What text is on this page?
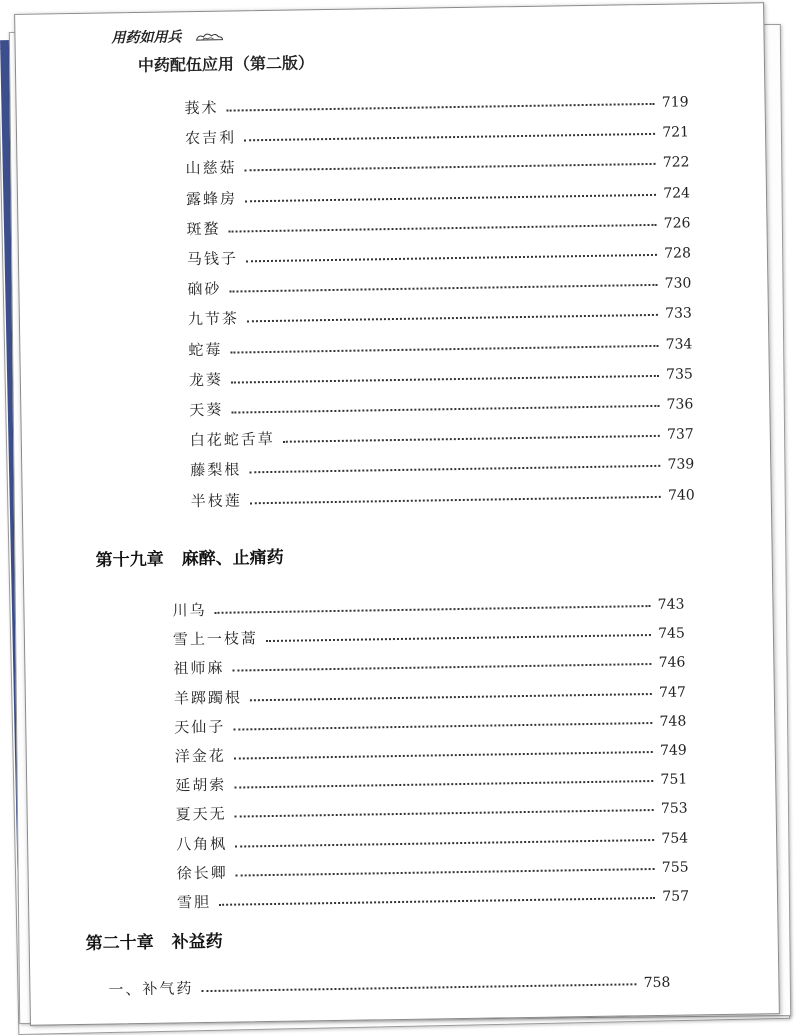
用药如用兵
中药配伍应用（第二版）
第十九章 麻醉、止痛药
第二十章 补益药
莪术	719
农吉利	721
山慈菇	722
露蜂房	724
斑蝥	726
马钱子	728
硇砂	730
九节茶	733
蛇莓	734
龙葵	735
天葵	736
白花蛇舌草	737
藤梨根	739
半枝莲	740
川乌	743
雪上一枝蒿	745
祖师麻	746
羊踯躅根	747
天仙子	748
洋金花	749
延胡索	751
夏天无	753
八角枫	754
徐长卿	755
雪胆	757
一、补气药	758
